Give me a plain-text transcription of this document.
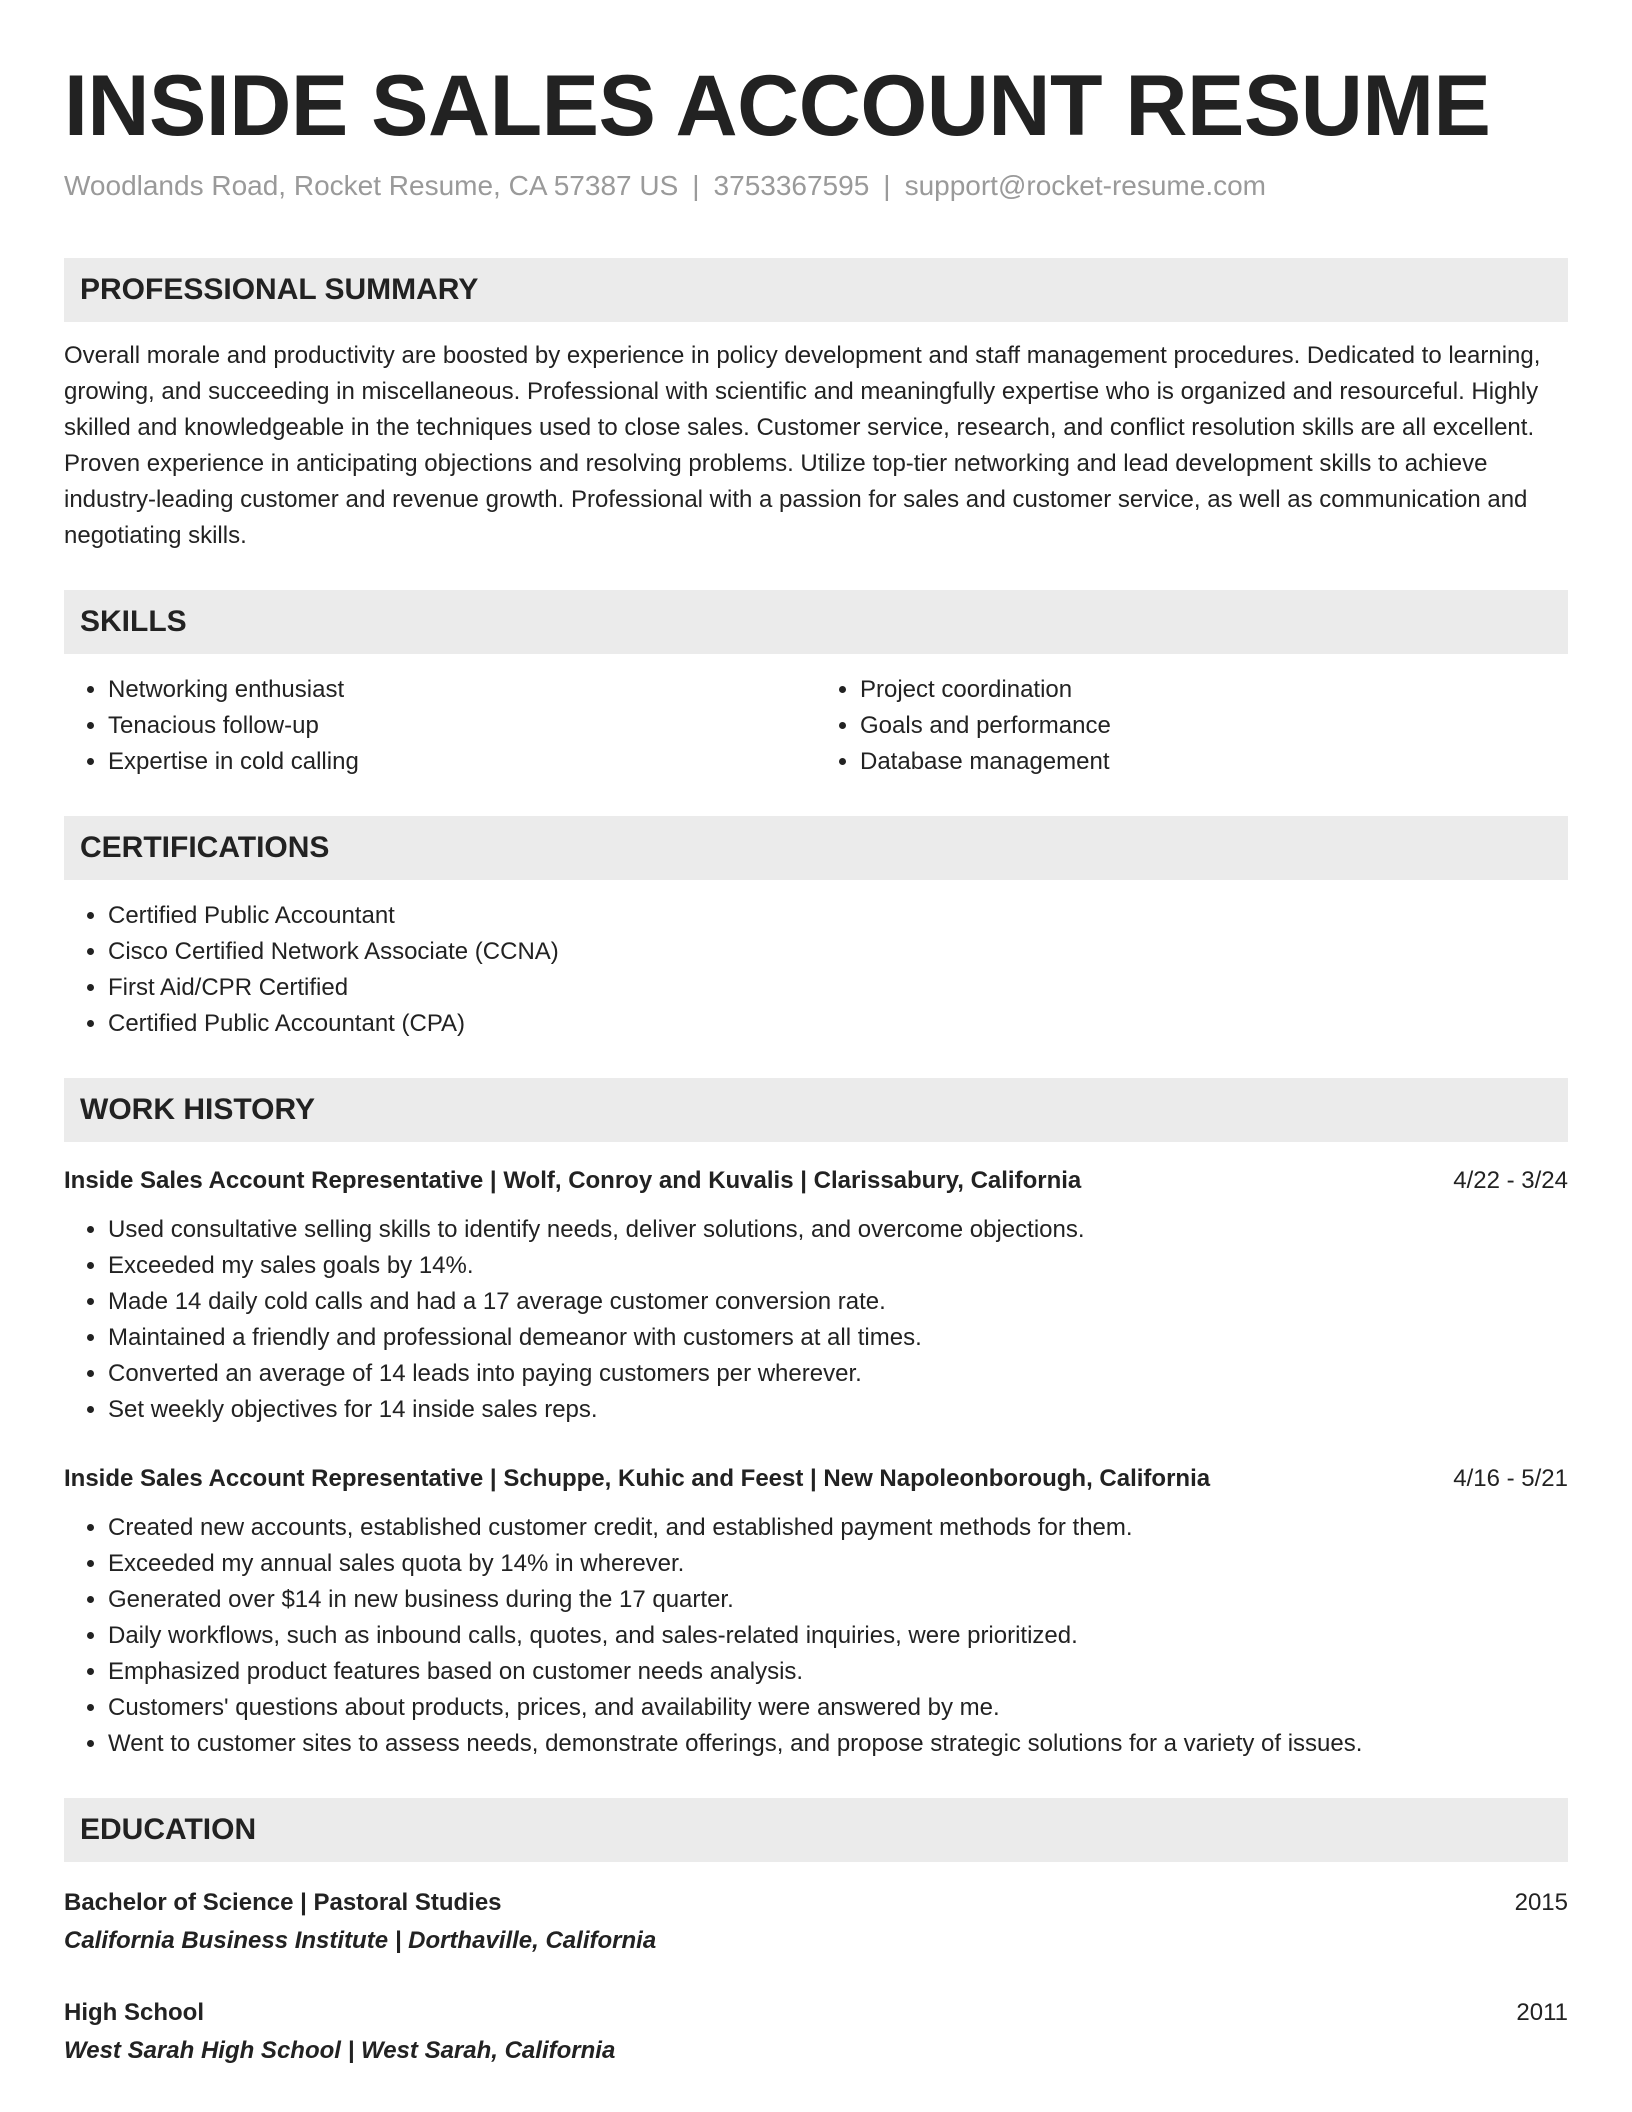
INSIDE SALES ACCOUNT RESUME
Woodlands Road, Rocket Resume, CA 57387 US | 3753367595 | support@rocket-resume.com
PROFESSIONAL SUMMARY

Overall morale and productivity are boosted by experience in policy development and staff management procedures. Dedicated to learning, growing, and succeeding in miscellaneous. Professional with scientific and meaningfully expertise who is organized and resourceful. Highly skilled and knowledgeable in the techniques used to close sales. Customer service, research, and conflict resolution skills are all excellent. Proven experience in anticipating objections and resolving problems. Utilize top-tier networking and lead development skills to achieve industry-leading customer and revenue growth. Professional with a passion for sales and customer service, as well as communication and negotiating skills.

SKILLS
• Networking enthusiast
• Tenacious follow-up
• Expertise in cold calling
• Project coordination
• Goals and performance
• Database management
CERTIFICATIONS
• Certified Public Accountant
• Cisco Certified Network Associate (CCNA)
• First Aid/CPR Certified
• Certified Public Accountant (CPA)
WORK HISTORY
Inside Sales Account Representative | Wolf, Conroy and Kuvalis | Clarissabury, California	4/22 - 3/24
• Used consultative selling skills to identify needs, deliver solutions, and overcome objections.
• Exceeded my sales goals by 14%.
• Made 14 daily cold calls and had a 17 average customer conversion rate.
• Maintained a friendly and professional demeanor with customers at all times.
• Converted an average of 14 leads into paying customers per wherever.
• Set weekly objectives for 14 inside sales reps.
Inside Sales Account Representative | Schuppe, Kuhic and Feest | New Napoleonborough, California	4/16 - 5/21
• Created new accounts, established customer credit, and established payment methods for them.
• Exceeded my annual sales quota by 14% in wherever.
• Generated over $14 in new business during the 17 quarter.
• Daily workflows, such as inbound calls, quotes, and sales-related inquiries, were prioritized.
• Emphasized product features based on customer needs analysis.
• Customers' questions about products, prices, and availability were answered by me.
• Went to customer sites to assess needs, demonstrate offerings, and propose strategic solutions for a variety of issues.
EDUCATION
Bachelor of Science | Pastoral Studies	2015
California Business Institute | Dorthaville, California
High School	2011
West Sarah High School | West Sarah, California
